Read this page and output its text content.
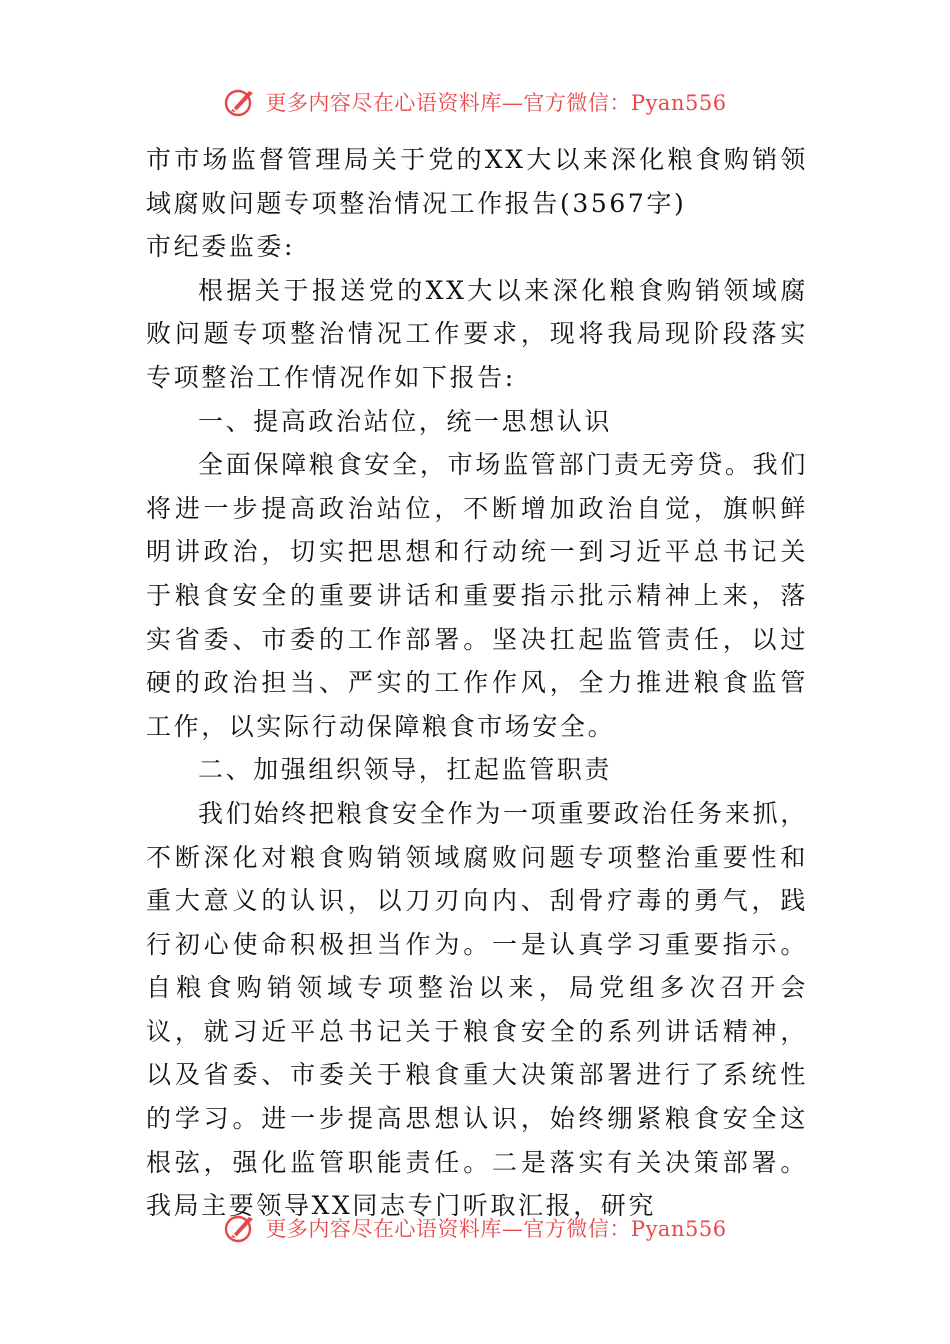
更多内容尽在心语资料库—官方微信：Pyan556

市市场监督管理局关于党的XX大以来深化粮食购销领域腐败问题专项整治情况工作报告(3567字)

市纪委监委:

根据关于报送党的XX大以来深化粮食购销领域腐败问题专项整治情况工作要求，现将我局现阶段落实专项整治工作情况作如下报告:

一、提高政治站位，统一思想认识

全面保障粮食安全，市场监管部门责无旁贷。我们将进一步提高政治站位，不断增加政治自觉，旗帜鲜明讲政治，切实把思想和行动统一到习近平总书记关于粮食安全的重要讲话和重要指示批示精神上来，落实省委、市委的工作部署。坚决扛起监管责任，以过硬的政治担当、严实的工作作风，全力推进粮食监管工作，以实际行动保障粮食市场安全。

二、加强组织领导，扛起监管职责

我们始终把粮食安全作为一项重要政治任务来抓，不断深化对粮食购销领域腐败问题专项整治重要性和重大意义的认识，以刀刃向内、刮骨疗毒的勇气，践行初心使命积极担当作为。一是认真学习重要指示。自粮食购销领域专项整治以来，局党组多次召开会议，就习近平总书记关于粮食安全的系列讲话精神，以及省委、市委关于粮食重大决策部署进行了系统性的学习。进一步提高思想认识，始终绷紧粮食安全这根弦，强化监管职能责任。二是落实有关决策部署。我局主要领导XX同志专门听取汇报，研究

更多内容尽在心语资料库—官方微信：Pyan556
